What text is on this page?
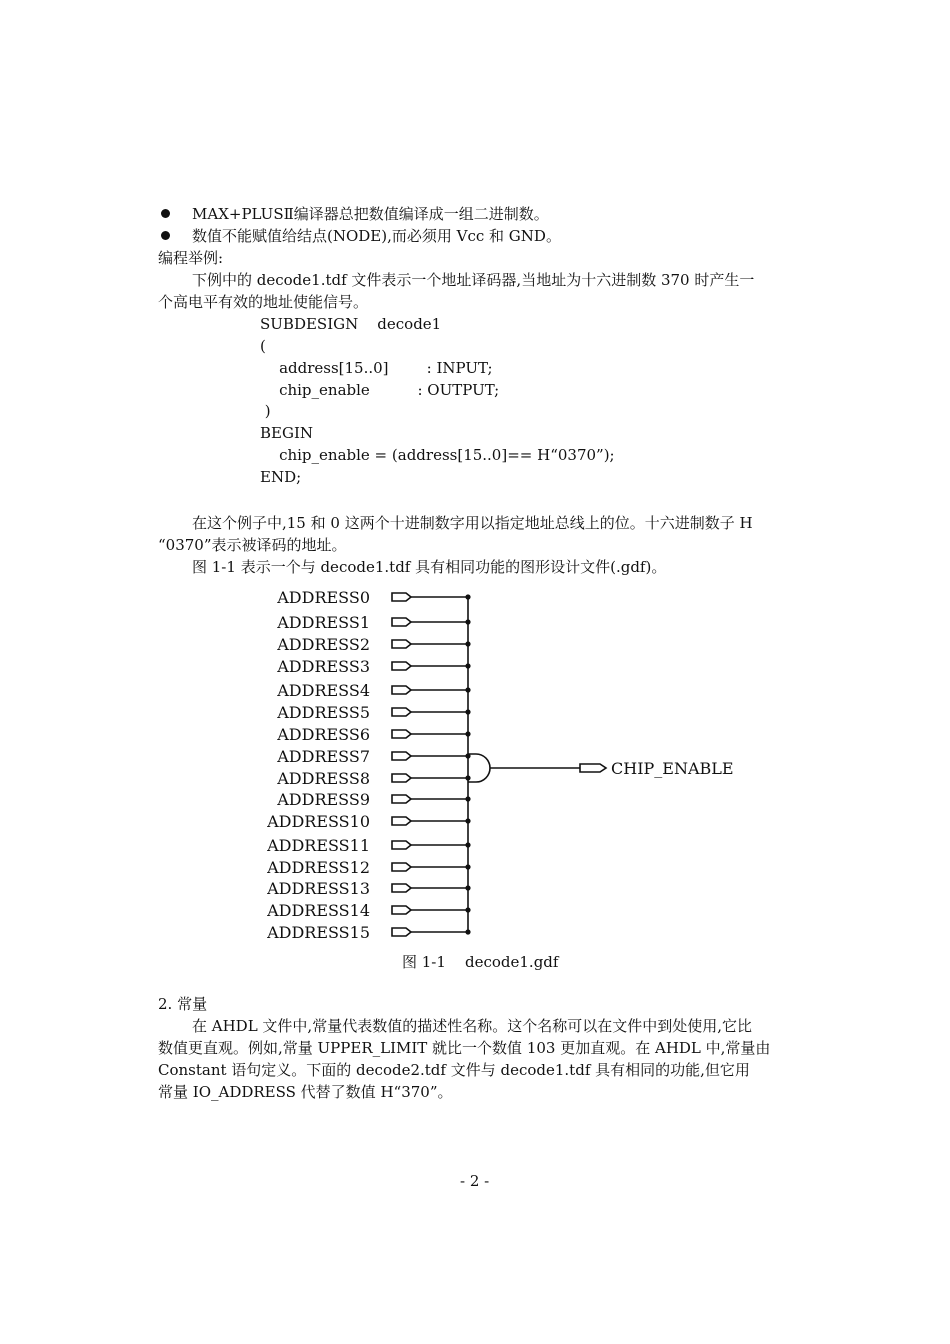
MAX+PLUSⅡ编译器总把数值编译成一组二进制数。
数值不能赋值给结点(NODE),而必须用 Vcc 和 GND。
编程举例:
下例中的 decode1.tdf 文件表示一个地址译码器,当地址为十六进制数 370 时产生一
个高电平有效的地址使能信号。
SUBDESIGN    decode1
(
address[15..0]        : INPUT;
chip_enable          : OUTPUT;
)
BEGIN
chip_enable = (address[15..0]== H“0370”);
END;
在这个例子中,15 和 0 这两个十进制数字用以指定地址总线上的位。十六进制数子 H
“0370”表示被译码的地址。
图 1-1 表示一个与 decode1.tdf 具有相同功能的图形设计文件(.gdf)。
ADDRESS0
ADDRESS1
ADDRESS2
ADDRESS3
ADDRESS4
ADDRESS5
ADDRESS6
ADDRESS7
ADDRESS8
ADDRESS9
ADDRESS10
ADDRESS11
ADDRESS12
ADDRESS13
ADDRESS14
ADDRESS15
CHIP_ENABLE
图 1-1    decode1.gdf
2. 常量
在 AHDL 文件中,常量代表数值的描述性名称。这个名称可以在文件中到处使用,它比
数值更直观。例如,常量 UPPER_LIMIT 就比一个数值 103 更加直观。在 AHDL 中,常量由
Constant 语句定义。下面的 decode2.tdf 文件与 decode1.tdf 具有相同的功能,但它用
常量 IO_ADDRESS 代替了数值 H“370”。
- 2 -
